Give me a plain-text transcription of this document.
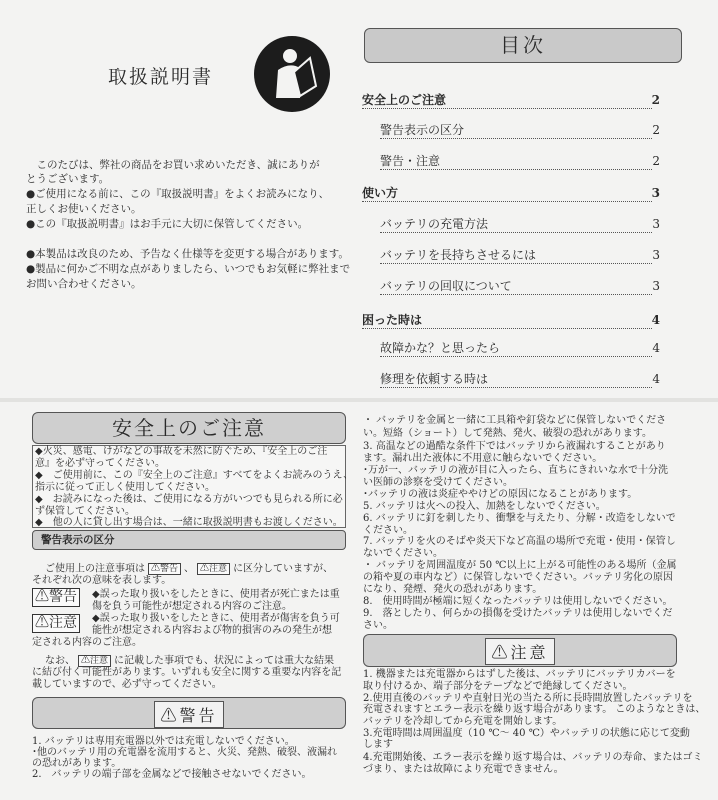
取扱説明書
目次
安全上のご注意
警告表示の区分
⚠警告
⚠注意
⚠警告
⚠注意
　このたびは、弊社の商品をお買い求めいただき、誠にありが
とうございます。
●ご使用になる前に、この『取扱説明書』をよくお読みになり、
正しくお使いください。
●この『取扱説明書』はお手元に大切に保管してください。
●本製品は改良のため、予告なく仕様等を変更する場合があります。
●製品に何かご不明な点がありましたら、いつでもお気軽に弊社まで
お問い合わせください。
安全上のご注意	2
警告表示の区分	2
警告・注意	2
使い方	3
バッテリの充電方法	3
バッテリを長持ちさせるには	3
バッテリの回収について	3
困った時は	4
故障かな？と思ったら	4
修理を依頼する時は	4
◆火災、感電、けがなどの事故を未然に防ぐため、『安全上のご注
意』を必ず守ってください。
◆　ご使用前に、この『安全上のご注意』すべてをよくお読みのうえ、
指示に従って正しく使用してください。
◆　お読みになった後は、ご使用になる方がいつでも見られる所に必
ず保管してください。
◆　他の人に貸し出す場合は、一緒に取扱説明書もお渡しください。
　ご使用上の注意事項は ⚠警告 、 ⚠注意 に区分していますが、
それぞれ次の意味を表します。
◆誤った取り扱いをしたときに、使用者が死亡または重
傷を負う可能性が想定される内容のご注意。
◆誤った取り扱いをしたときに、使用者が傷害を負う可
能性が想定される内容および物的損害のみの発生が想
定される内容のご注意。
　なお、 ⚠注意 に記載した事項でも、状況によっては重大な結果
に結び付く可能性があります。いずれも安全に関する重要な内容を記
載していますので、必ず守ってください。
1. バッテリは専用充電器以外では充電しないでください。
･他のバッテリ用の充電器を流用すると、火災、発熱、破裂、液漏れ
の恐れがあります。
2.　バッテリの端子部を金属などで接触させないでください。
・ バッテリを金属と一緒に工具箱や釘袋などに保管しないでくださ
い。短絡（ショート）して発熱、発火、破裂の恐れがあります。
3. 高温などの過酷な条件下ではバッテリから液漏れすることがあり
ます。漏れ出た液体に不用意に触らないでください。
･万が一、バッテリの液が目に入ったら、直ちにきれいな水で十分洗
い医師の診察を受けてください。
･バッテリの液は炎症ややけどの原因になることがあります。
5. バッテリは火への投入、加熱をしないでください。
6. バッテリに釘を刺したり、衝撃を与えたり、分解・改造をしないで
ください。
7. バッテリを火のそばや炎天下など高温の場所で充電・使用・保管し
ないでください。
・ バッテリを周囲温度が 50 ℃以上に上がる可能性のある場所（金属
の箱や夏の車内など）に保管しないでください。バッテリ劣化の原因
になり、発煙、発火の恐れがあります。
8.　使用時間が極端に短くなったバッテリは使用しないでください。
9.　落としたり、何らかの損傷を受けたバッテリは使用しないでくだ
さい。
1. 機器または充電器からはずした後は、バッテリにバッテリカバーを
取り付けるか、端子部分をテープなどで絶縁してください。
2.使用直後のバッテリや直射日光の当たる所に長時間放置したバッテリを
充電されますとエラー表示を繰り返す場合があります。 このようなときは、
バッテリを冷却してから充電を開始します。
3.充電時間は周囲温度（10 ℃～ 40 ℃）やバッテリの状態に応じて変動
します
4.充電開始後、エラー表示を繰り返す場合は、バッテリの寿命、またはゴミ
づまり、または故障により充電できません。
